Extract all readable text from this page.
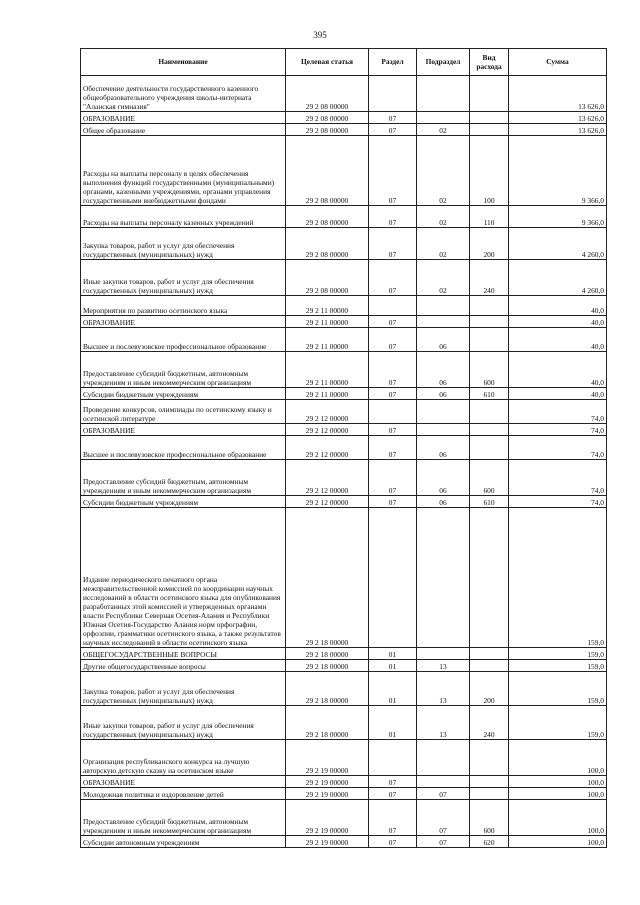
395
Наименование	Целевая статья	Раздел	Подраздел	Вид расхода	Сумма
Обеспечение деятельности государственного казенного общеобразовательного учреждения школы-интерната "Аланская гимназия"	29 2 08 00000				13 626,0
ОБРАЗОВАНИЕ	29 2 08 00000	07			13 626,0
Общее образование	29 2 08 00000	07	02		13 626,0
Расходы на выплаты персоналу в целях обеспечения выполнения функций государственными (муниципальными) органами, казенными учреждениями, органами управления государственными внебюджетными фондами	29 2 08 00000	07	02	100	9 366,0
Расходы на выплаты персоналу казенных учреждений	29 2 08 00000	07	02	110	9 366,0
Закупка товаров, работ и услуг для обеспечения государственных (муниципальных) нужд	29 2 08 00000	07	02	200	4 260,0
Иные закупки товаров, работ и услуг для обеспечения государственных (муниципальных) нужд	29 2 08 00000	07	02	240	4 260,0
Мероприятия по развитию осетинского языка	29 2 11 00000				40,0
ОБРАЗОВАНИЕ	29 2 11 00000	07			40,0
Высшее и послевузовское профессиональное образование	29 2 11 00000	07	06		40,0
Предоставление субсидий бюджетным, автономным учреждениям и иным некоммерческим организациям	29 2 11 00000	07	06	600	40,0
Субсидии бюджетным учреждениям	29 2 11 00000	07	06	610	40,0
Проведение конкурсов, олимпиады по осетинскому языку и осетинской литературе	29 2 12 00000				74,0
ОБРАЗОВАНИЕ	29 2 12 00000	07			74,0
Высшее и послевузовское профессиональное образование	29 2 12 00000	07	06		74,0
Предоставление субсидий бюджетным, автономным учреждениям и иным некоммерческим организациям	29 2 12 00000	07	06	600	74,0
Субсидии бюджетным учреждениям	29 2 12 00000	07	06	610	74,0
Издание периодического печатного органа межправительственной комиссией по координации научных исследований в области осетинского языка для опубликования разработанных этой комиссией и утвержденных органами власти Республики Северная Осетия-Алания и Республики Южная Осетия-Государство Алания норм орфографии, орфоэпии, грамматики осетинского языка, а также результатов научных исследований в области осетинского языка	29 2 18 00000				159,0
ОБЩЕГОСУДАРСТВЕННЫЕ ВОПРОСЫ	29 2 18 00000	01			159,0
Другие общегосударственные вопросы	29 2 18 00000	01	13		159,0
Закупка товаров, работ и услуг для обеспечения государственных (муниципальных) нужд	29 2 18 00000	01	13	200	159,0
Иные закупки товаров, работ и услуг для обеспечения государственных (муниципальных) нужд	29 2 18 00000	01	13	240	159,0
Организация республиканского конкурса на лучшую авторскую детскую сказку на осетинском языке	29 2 19 00000				100,0
ОБРАЗОВАНИЕ	29 2 19 00000	07			100,0
Молодежная политика и оздоровление детей	29 2 19 00000	07	07		100,0
Предоставление субсидий бюджетным, автономным учреждениям и иным некоммерческим организациям	29 2 19 00000	07	07	600	100,0
Субсидии автономным учреждениям	29 2 19 00000	07	07	620	100,0
